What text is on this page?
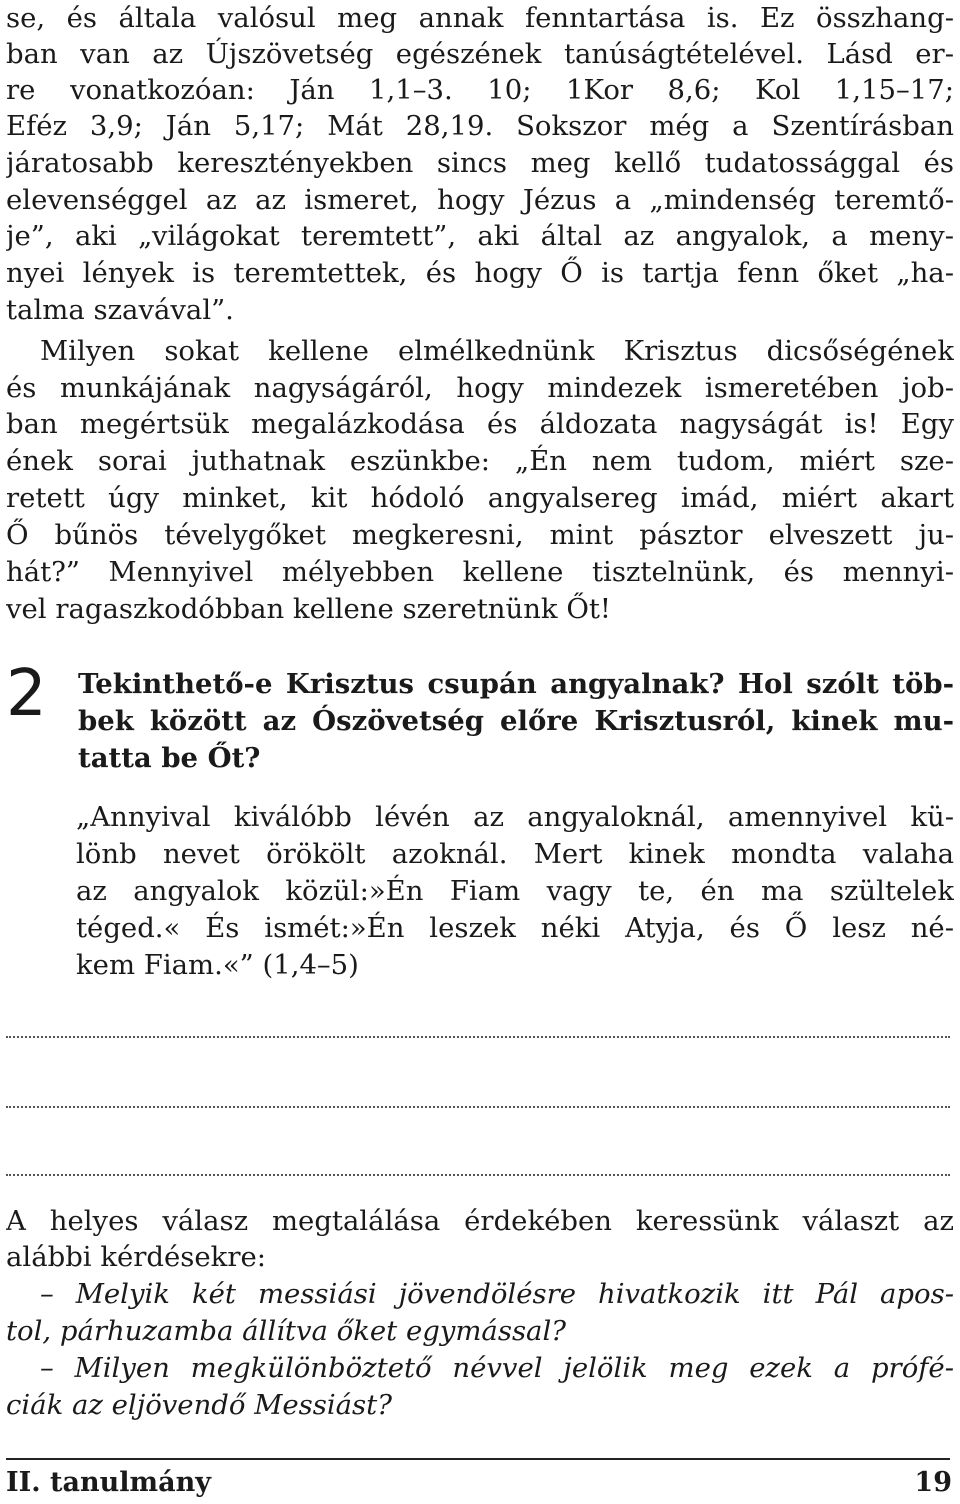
se, és általa valósul meg annak fenntartása is. Ez összhang-
ban van az Újszövetség egészének tanúságtételével. Lásd er-
re vonatkozóan: Ján 1,1–3. 10; 1Kor 8,6; Kol 1,15–17;
Eféz 3,9; Ján 5,17; Mát 28,19. Sokszor még a Szentírásban
járatosabb keresztényekben sincs meg kellő tudatossággal és
elevenséggel az az ismeret, hogy Jézus a „mindenség teremtő-
je”, aki „világokat teremtett”, aki által az angyalok, a meny-
nyei lények is teremtettek, és hogy Ő is tartja fenn őket „ha-
talma szavával”.
Milyen sokat kellene elmélkednünk Krisztus dicsőségének
és munkájának nagyságáról, hogy mindezek ismeretében job-
ban megértsük megalázkodása és áldozata nagyságát is! Egy
ének sorai juthatnak eszünkbe: „Én nem tudom, miért sze-
retett úgy minket, kit hódoló angyalsereg imád, miért akart
Ő bűnös tévelygőket megkeresni, mint pásztor elveszett ju-
hát?” Mennyivel mélyebben kellene tisztelnünk, és mennyi-
vel ragaszkodóbban kellene szeretnünk Őt!
2 Tekinthető-e Krisztus csupán angyalnak? Hol szólt töb-
bek között az Ószövetség előre Krisztusról, kinek mu-
tatta be Őt?
„Annyival kiválóbb lévén az angyaloknál, amennyivel kü-
lönb nevet örökölt azoknál. Mert kinek mondta valaha
az angyalok közül:»Én Fiam vagy te, én ma szültelek
téged.« És ismét:»Én leszek néki Atyja, és Ő lesz né-
kem Fiam.«” (1,4–5)
A helyes válasz megtalálása érdekében keressünk választ az
alábbi kérdésekre:
– Melyik két messiási jövendölésre hivatkozik itt Pál apos-
tol, párhuzamba állítva őket egymással?
– Milyen megkülönböztető névvel jelölik meg ezek a prófé-
ciák az eljövendő Messiást?
II. tanulmány	19
